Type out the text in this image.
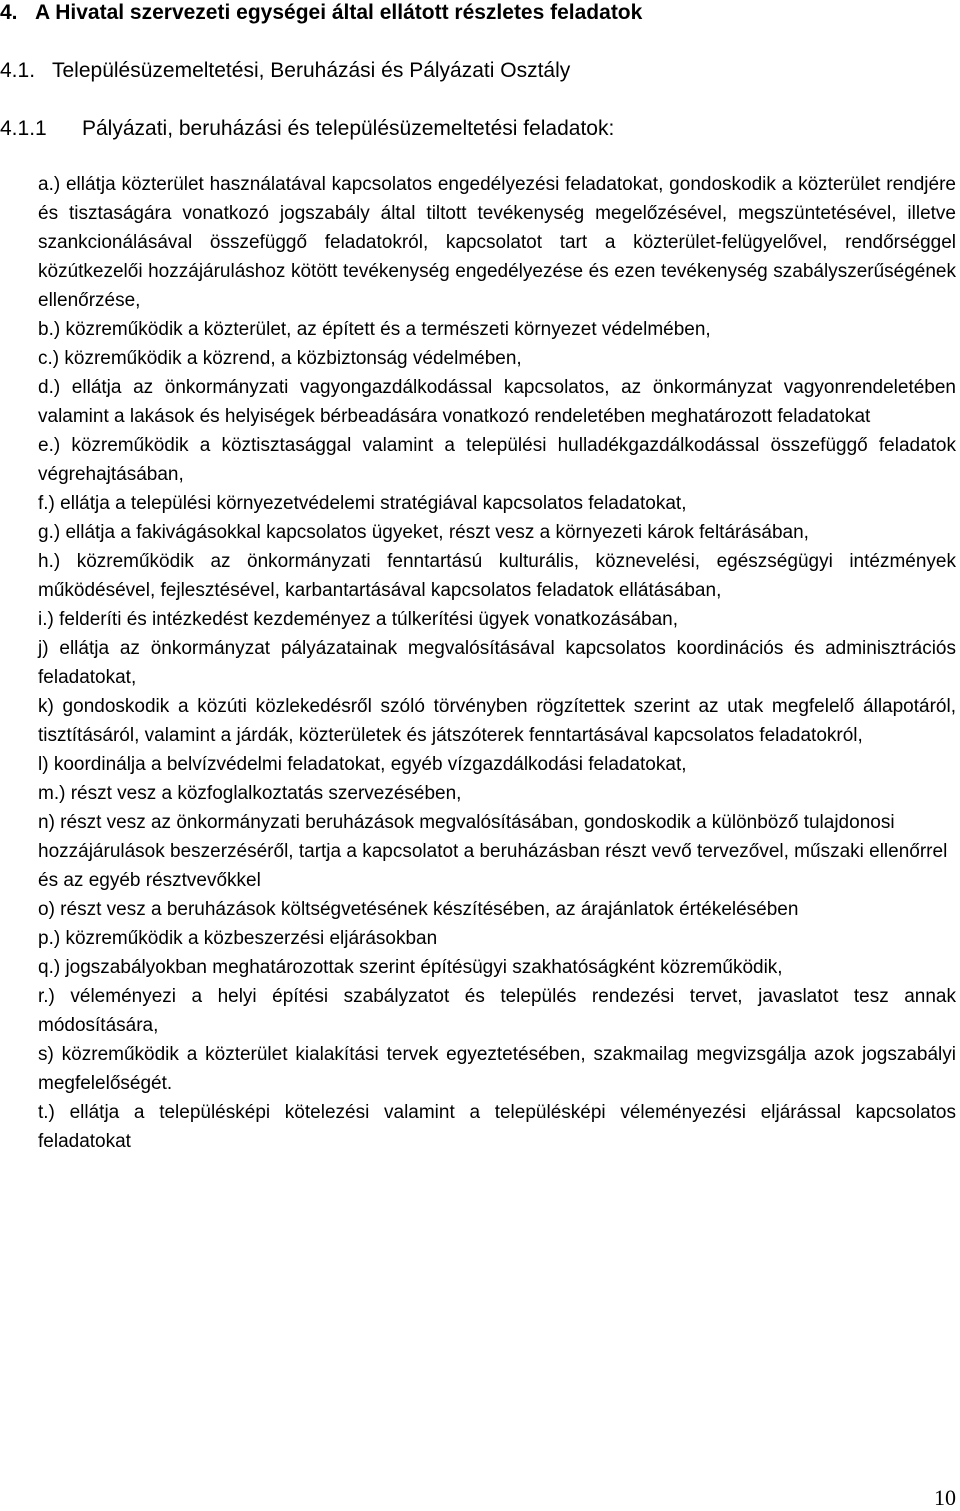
4. A Hivatal szervezeti egységei által ellátott részletes feladatok
4.1. Településüzemeltetési, Beruházási és Pályázati Osztály
4.1.1 Pályázati, beruházási és településüzemeltetési feladatok:
a.) ellátja közterület használatával kapcsolatos engedélyezési feladatokat, gondoskodik a közterület rendjére és tisztaságára vonatkozó jogszabály által tiltott tevékenység megelőzésével, megszüntetésével, illetve szankcionálásával összefüggő feladatokról, kapcsolatot tart a közterület-felügyelővel, rendőrséggel közútkezelői hozzájáruláshoz kötött tevékenység engedélyezése és ezen tevékenység szabályszerűségének ellenőrzése,
b.) közreműködik a közterület, az épített és a természeti környezet védelmében,
c.) közreműködik a közrend, a közbiztonság védelmében,
d.) ellátja az önkormányzati vagyongazdálkodással kapcsolatos, az önkormányzat vagyonrendeletében valamint a lakások és helyiségek bérbeadására vonatkozó rendeletében meghatározott feladatokat
e.) közreműködik a köztisztasággal valamint a települési hulladékgazdálkodással összefüggő feladatok végrehajtásában,
f.) ellátja a települési környezetvédelemi stratégiával kapcsolatos feladatokat,
g.) ellátja a fakivágásokkal kapcsolatos ügyeket, részt vesz a környezeti károk feltárásában,
h.) közreműködik az önkormányzati fenntartású kulturális, köznevelési, egészségügyi intézmények működésével, fejlesztésével, karbantartásával kapcsolatos feladatok ellátásában,
i.) felderíti és intézkedést kezdeményez a túlkerítési ügyek vonatkozásában,
j) ellátja az önkormányzat pályázatainak megvalósításával kapcsolatos koordinációs és adminisztrációs feladatokat,
k) gondoskodik a közúti közlekedésről szóló törvényben rögzítettek szerint az utak megfelelő állapotáról, tisztításáról, valamint a járdák, közterületek és játszóterek fenntartásával kapcsolatos feladatokról,
l) koordinálja a belvízvédelmi feladatokat, egyéb vízgazdálkodási feladatokat,
m.) részt vesz a közfoglalkoztatás szervezésében,
n) részt vesz az önkormányzati beruházások megvalósításában, gondoskodik a különböző tulajdonosi hozzájárulások beszerzéséről, tartja a kapcsolatot a beruházásban részt vevő tervezővel, műszaki ellenőrrel és az egyéb résztvevőkkel
o) részt vesz a beruházások költségvetésének készítésében, az árajánlatok értékelésében
p.) közreműködik a közbeszerzési eljárásokban
q.) jogszabályokban meghatározottak szerint építésügyi szakhatóságként közreműködik,
r.) véleményezi a helyi építési szabályzatot és település rendezési tervet, javaslatot tesz annak módosítására,
s) közreműködik a közterület kialakítási tervek egyeztetésében, szakmailag megvizsgálja azok jogszabályi megfelelőségét.
t.) ellátja a településképi kötelezési valamint a településképi véleményezési eljárással kapcsolatos feladatokat
10
